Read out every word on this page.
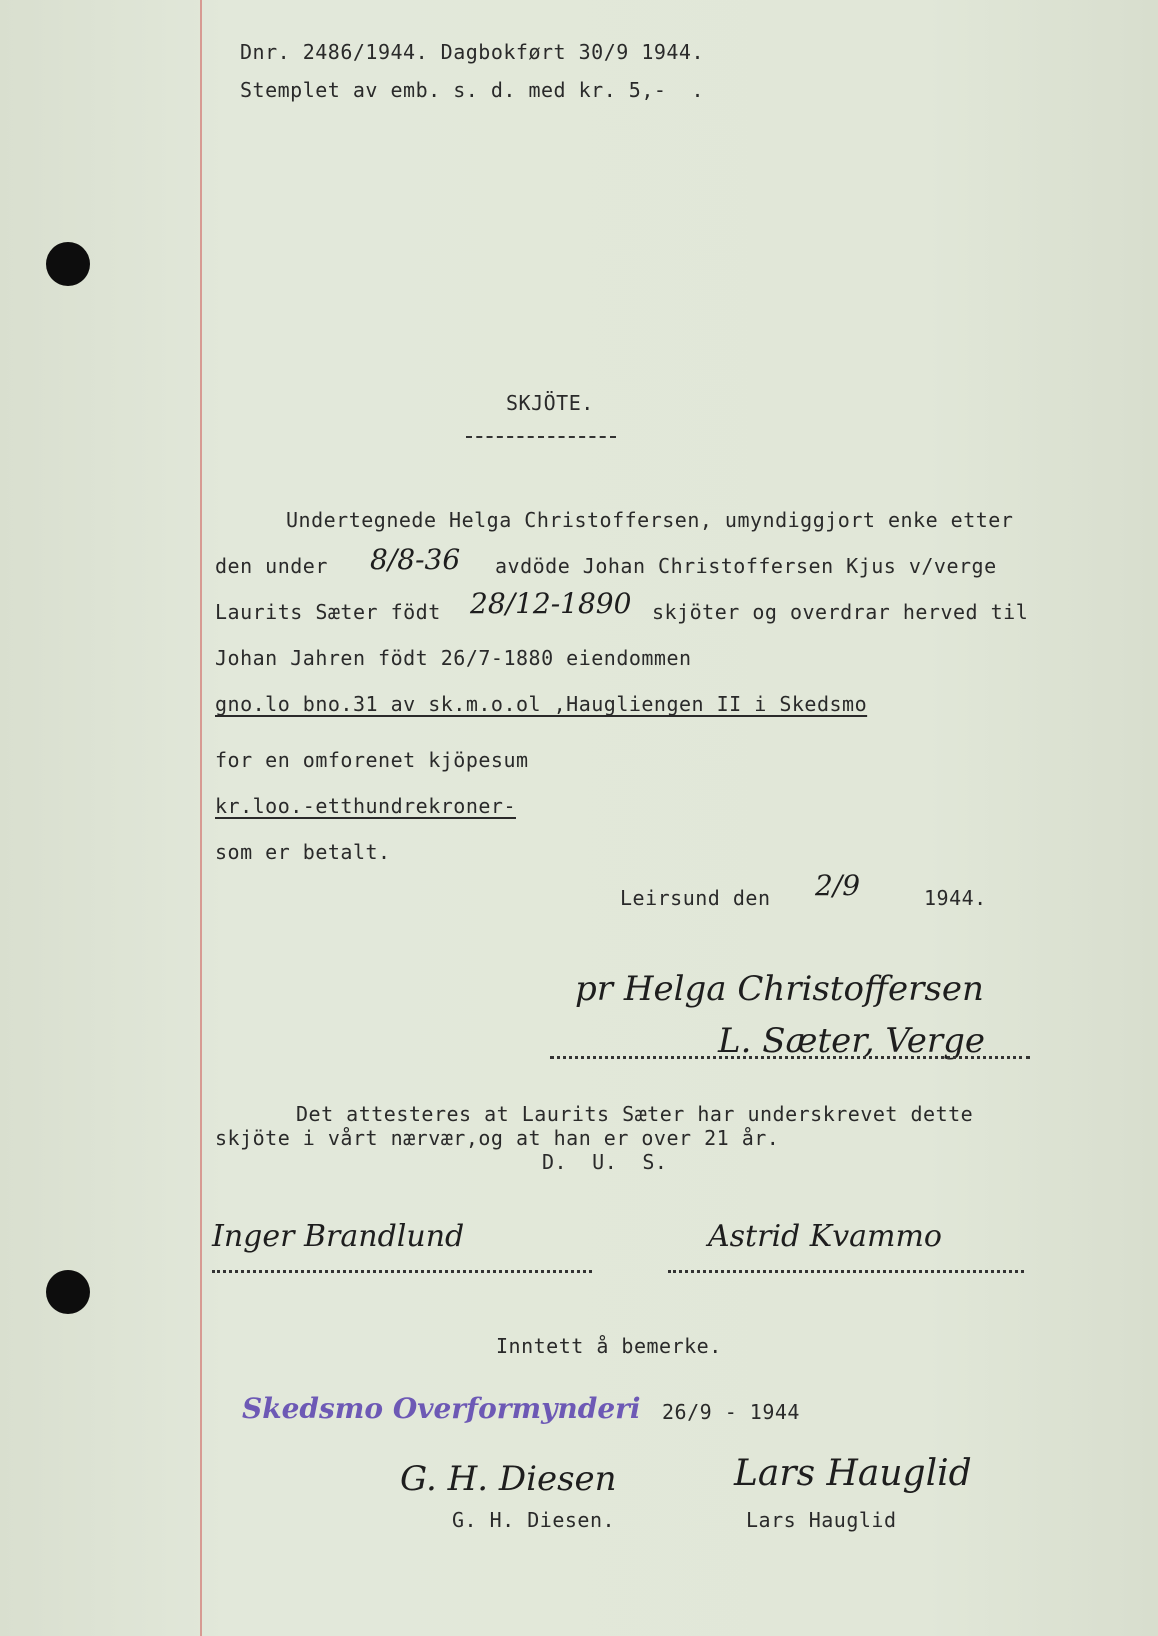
Dnr. 2486/1944. Dagbokført 30/9 1944.
Stemplet av emb. s. d. med kr. 5,-  .
SKJÖTE.
Undertegnede Helga Christoffersen, umyndiggjort enke etter
den under 8/8-36 avdöde Johan Christoffersen Kjus v/verge
Laurits Sæter födt 28/12-1890 skjöter og overdrar herved til
Johan Jahren födt 26/7-1880 eiendommen
gno.lo bno.31 av sk.m.o.ol ,Haugliengen II i Skedsmo
for en omforenet kjöpesum
kr.loo.-etthundrekroner-
som er betalt.
Leirsund den 2/9	1944.
pr Helga Christoffersen
L. Sæter, Verge
Det attesteres at Laurits Sæter har underskrevet dette
skjöte i vårt nærvær,og at han er over 21 år.
D.  U.  S.
Inger Brandlund	Astrid Kvammo
Inntett å bemerke.
Skedsmo Overformynderi 26/9 - 1944
G. H. Diesen	Lars Hauglid
G. H. Diesen.	Lars Hauglid
